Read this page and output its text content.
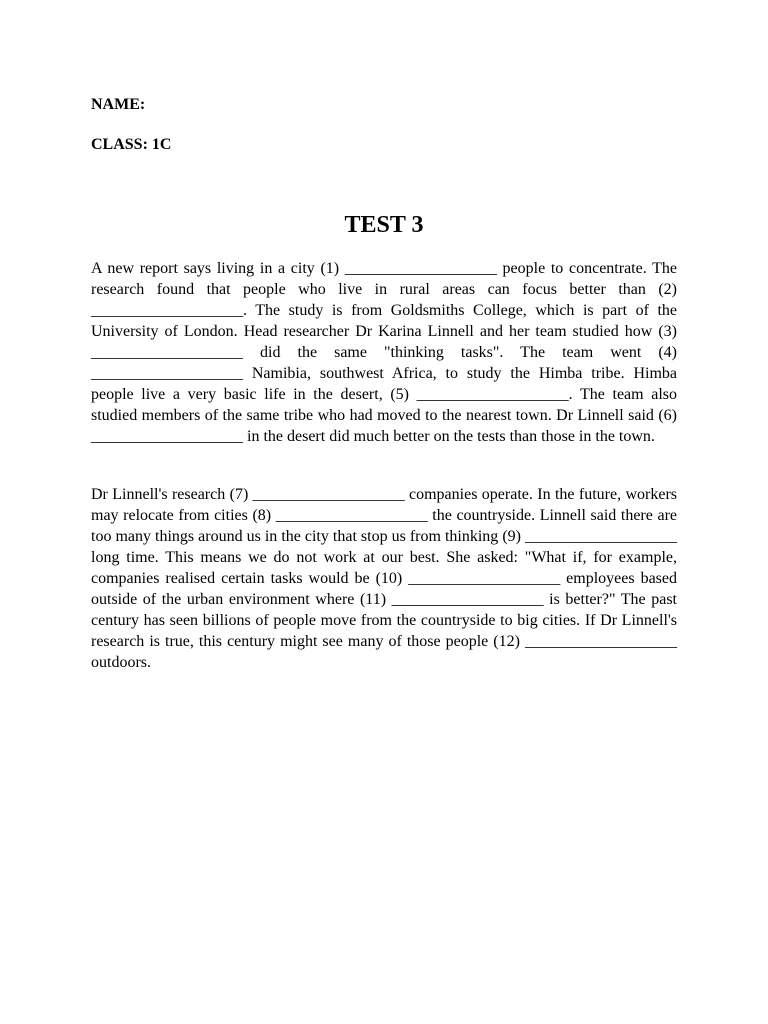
NAME:

CLASS: 1C

TEST 3

A new report says living in a city (1) ___________________ people to concentrate. The research found that people who live in rural areas can focus better than (2) ___________________. The study is from Goldsmiths College, which is part of the University of London. Head researcher Dr Karina Linnell and her team studied how (3) ___________________ did the same "thinking tasks". The team went (4) ___________________ Namibia, southwest Africa, to study the Himba tribe. Himba people live a very basic life in the desert, (5) ___________________. The team also studied members of the same tribe who had moved to the nearest town. Dr Linnell said (6) ___________________ in the desert did much better on the tests than those in the town.

Dr Linnell's research (7) ___________________ companies operate. In the future, workers may relocate from cities (8) ___________________ the countryside. Linnell said there are too many things around us in the city that stop us from thinking (9) ___________________ long time. This means we do not work at our best. She asked: "What if, for example, companies realised certain tasks would be (10) ___________________ employees based outside of the urban environment where (11) ___________________ is better?" The past century has seen billions of people move from the countryside to big cities. If Dr Linnell's research is true, this century might see many of those people (12) ___________________ outdoors.
